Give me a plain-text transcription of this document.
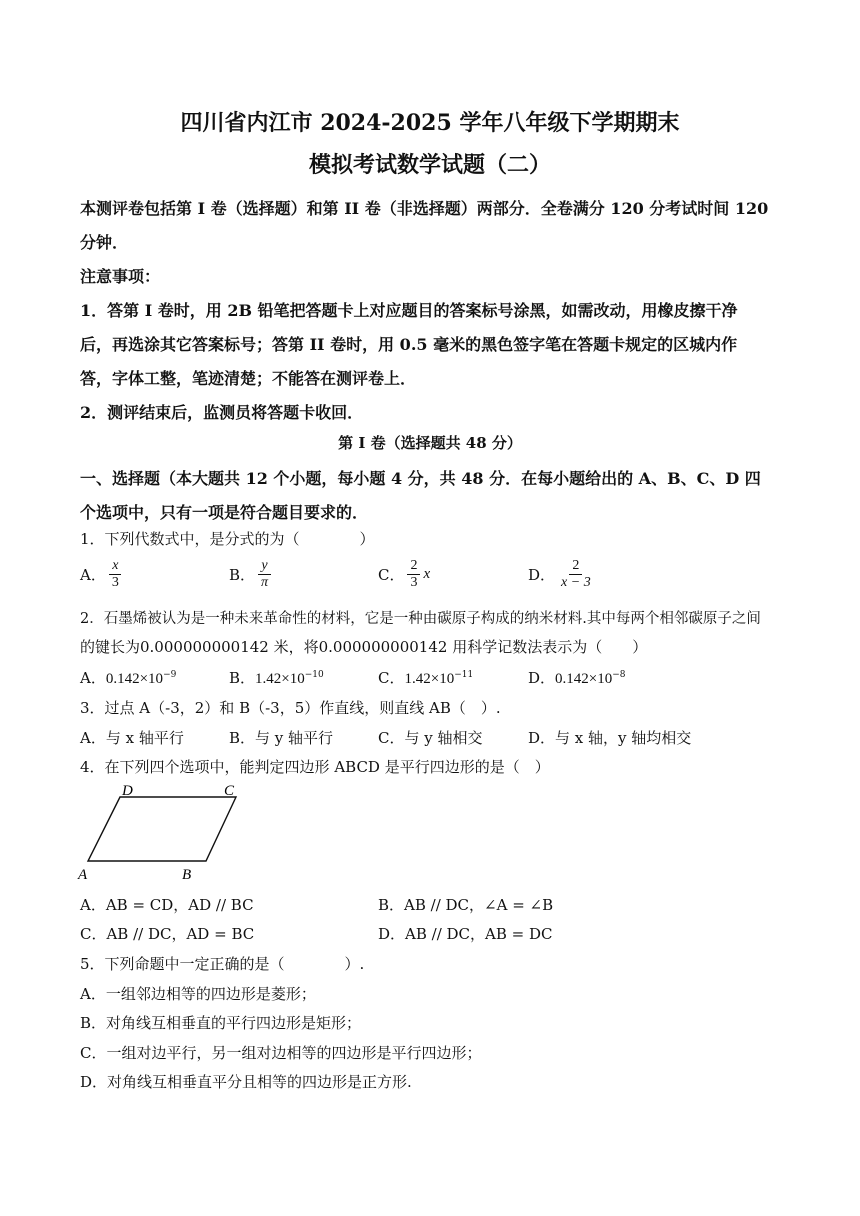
四川省内江市 2024-2025 学年八年级下学期期末
模拟考试数学试题（二）
本测评卷包括第 I 卷（选择题）和第 II 卷（非选择题）两部分．全卷满分 120 分考试时间 120
分钟．
注意事项：
1．答第 I 卷时，用 2B 铅笔把答题卡上对应题目的答案标号涂黑，如需改动，用橡皮擦干净
后，再选涂其它答案标号；答第 II 卷时，用 0.5 毫米的黑色签字笔在答题卡规定的区城内作
答，字体工整，笔迹清楚；不能答在测评卷上．
2．测评结束后，监测员将答题卡收回．
第 I 卷（选择题共 48 分）
一、选择题（本大题共 12 个小题，每小题 4 分，共 48 分．在每小题给出的 A、B、C、D 四
个选项中，只有一项是符合题目要求的．
1．下列代数式中，是分式的为（　　　　）
A． $\frac{x}{3}$	B． $\frac{y}{\pi}$	C． $\frac{2}{3}$ x	D． $\frac{2}{x - 3}$
2．石墨烯被认为是一种未来革命性的材料，它是一种由碳原子构成的纳米材料.其中每两个相邻碳原子之间
的键长为0.000000000142 米，将0.000000000142 用科学记数法表示为（　　）
A．$0.142\times 10^{-9}$	B．$1.42\times 10^{-10}$	C．$1.42\times 10^{-11}$	D．$0.142\times 10^{-8}$
3．过点 A（-3，2）和 B（-3，5）作直线，则直线 AB（　）.
A．与 x 轴平行	B．与 y 轴平行	C．与 y 轴相交	D．与 x 轴，y 轴均相交
4．在下列四个选项中，能判定四边形 ABCD 是平行四边形的是（　）
D	C
A	B
A．AB = CD，AD // BC	B．AB // DC，∠A = ∠B
C．AB // DC，AD = BC	D．AB // DC，AB = DC
5．下列命题中一定正确的是（　　　　）.
A．一组邻边相等的四边形是菱形；
B．对角线互相垂直的平行四边形是矩形；
C．一组对边平行，另一组对边相等的四边形是平行四边形；
D．对角线互相垂直平分且相等的四边形是正方形.
